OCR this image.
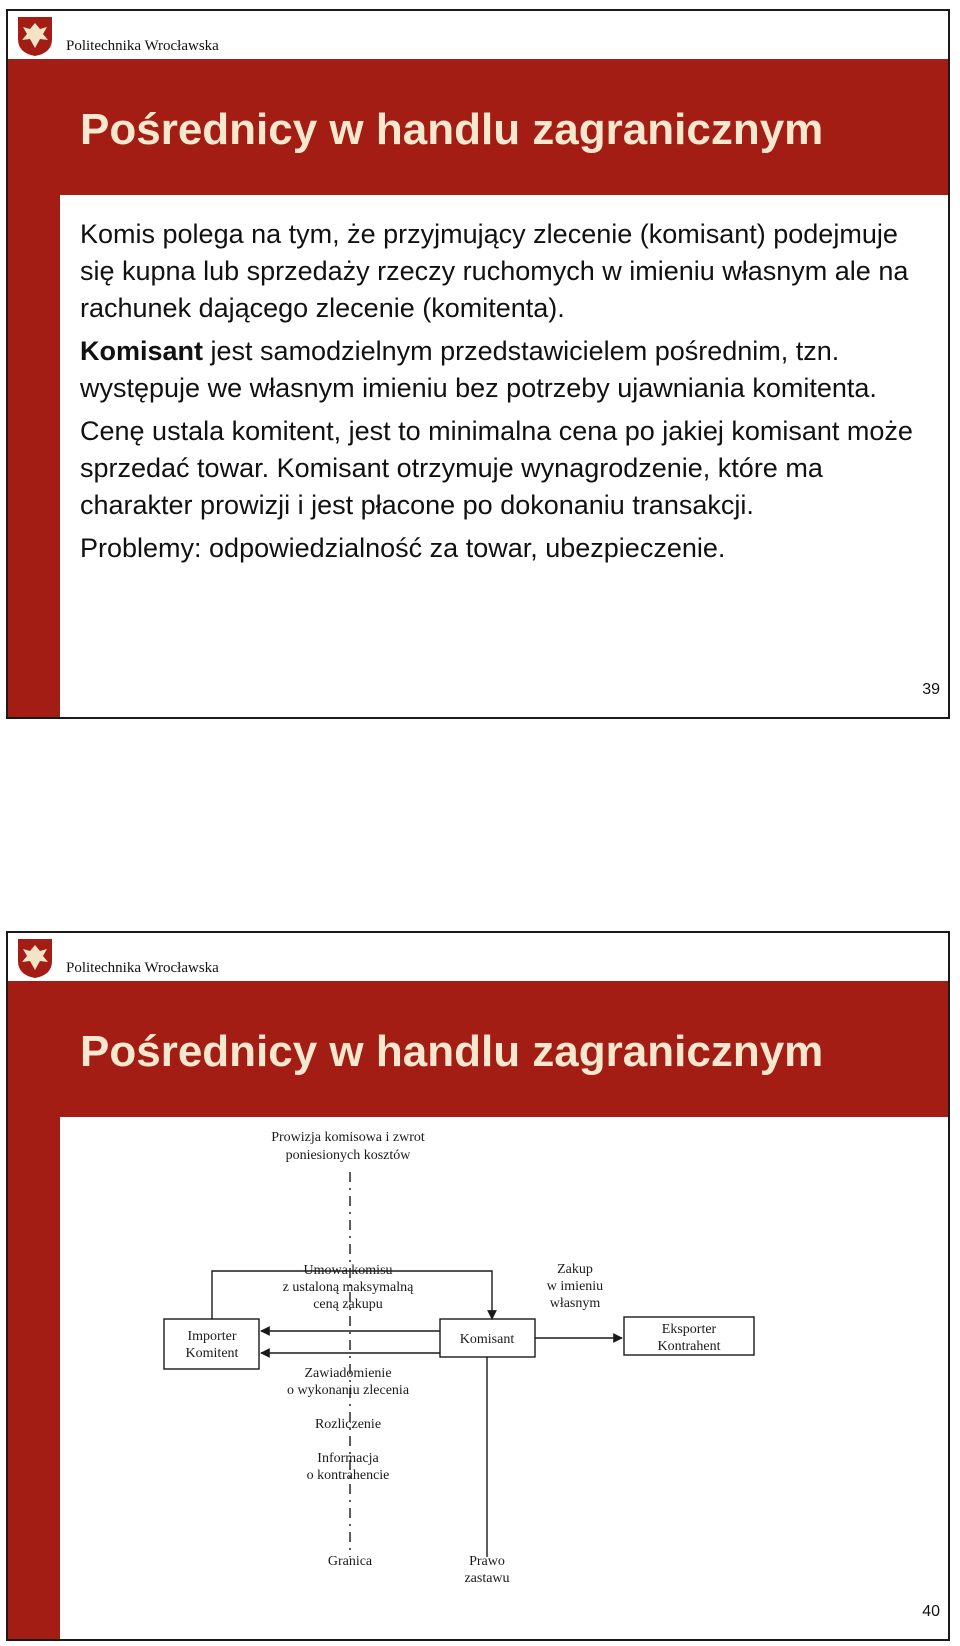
Politechnika Wrocławska
Pośrednicy w handlu zagranicznym

Komis polega na tym, że przyjmujący zlecenie (komisant) podejmuje się kupna lub sprzedaży rzeczy ruchomych w imieniu własnym ale na rachunek dającego zlecenie (komitenta).

Komisant jest samodzielnym przedstawicielem pośrednim, tzn. występuje we własnym imieniu bez potrzeby ujawniania komitenta.

Cenę ustala komitent, jest to minimalna cena po jakiej komisant może sprzedać towar. Komisant otrzymuje wynagrodzenie, które ma charakter prowizji i jest płacone po dokonaniu transakcji.

Problemy: odpowiedzialność za towar, ubezpieczenie.

39
Politechnika Wrocławska
Pośrednicy w handlu zagranicznym
Importer
Komitent
Komisant
Eksporter
Kontrahent
Prowizja komisowa i zwrot
poniesionych kosztów
Umowa komisu
z ustaloną maksymalną
ceną zakupu
Zakup
w imieniu
własnym
Zawiadomienie
o wykonaniu zlecenia
Rozliczenie
Informacja
o kontrahencie
Granica	Prawo
zastawu
40
